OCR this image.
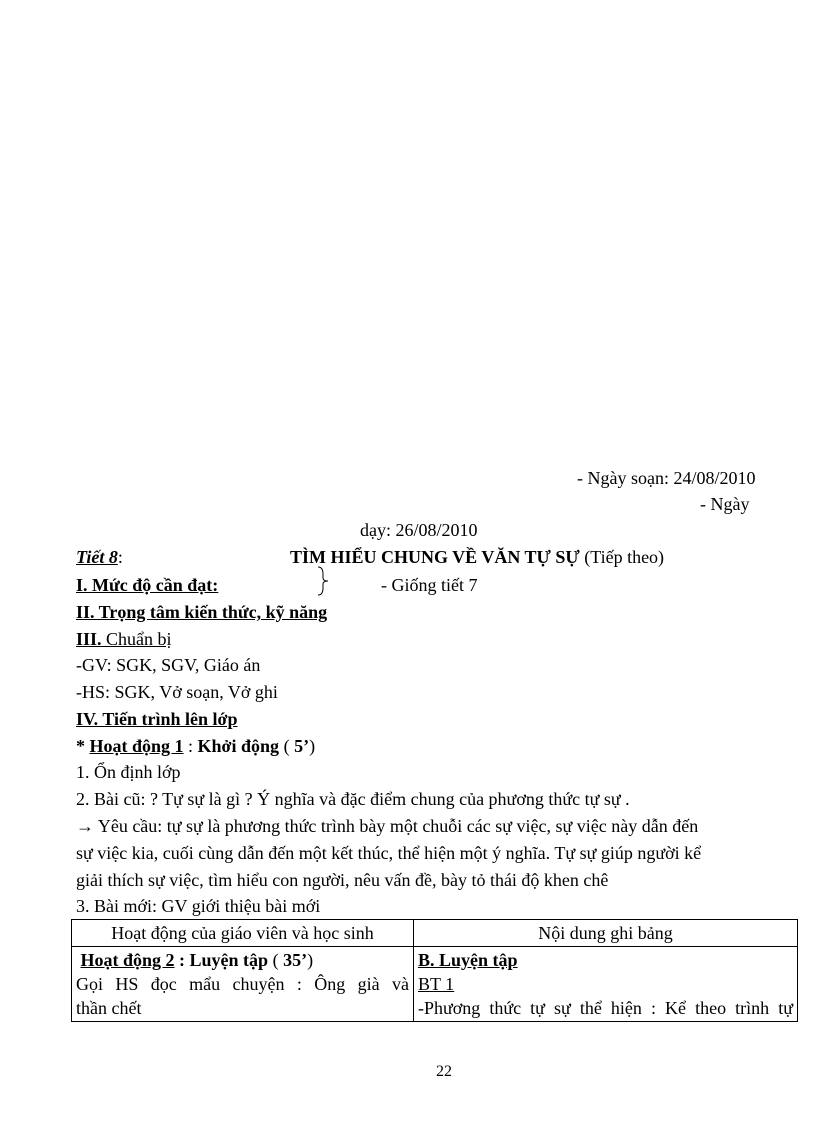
- Ngày soạn: 24/08/2010
- Ngày
dạy: 26/08/2010
Tiết 8:	TÌM HIỂU CHUNG VỀ VĂN TỰ SỰ (Tiếp theo)
I. Mức độ cần đạt:	- Giống tiết 7
II. Trọng tâm kiến thức, kỹ năng
III. Chuẩn bị
-GV: SGK, SGV, Giáo án
-HS: SGK, Vở soạn, Vở ghi
IV. Tiến trình lên lớp
* Hoạt động 1 : Khởi động ( 5’)
1. Ổn định lớp
2. Bài cũ: ? Tự sự là gì ? Ý nghĩa và đặc điểm chung của phương thức tự sự .
→ Yêu cầu: tự sự là phương thức trình bày một chuỗi các sự việc, sự việc này dẫn đến
sự việc kia, cuối cùng dẫn đến một kết thúc, thể hiện một ý nghĩa. Tự sự giúp người kể
giải thích sự việc, tìm hiểu con người, nêu vấn đề, bày tỏ thái độ khen chê
3. Bài mới: GV giới thiệu bài mới
Hoạt động của giáo viên và học sinh	Nội dung ghi bảng

Hoạt động 2 : Luyện tập ( 35’)
Gọi HS đọc mẩu chuyện : Ông già và
thần chết	B. Luyện tập
BT 1
-Phương thức tự sự thể hiện : Kể theo trình tự
22
